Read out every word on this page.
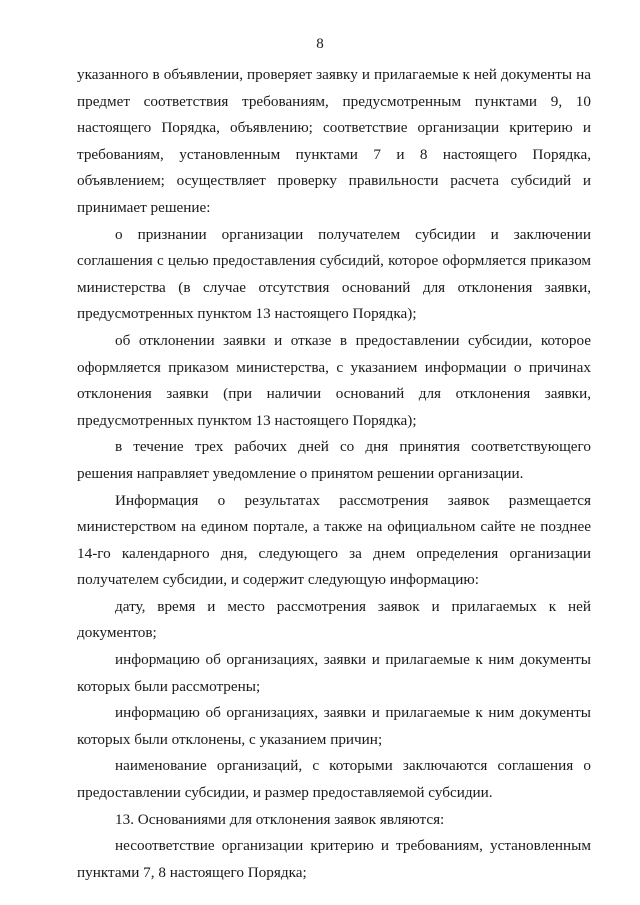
8

указанного в объявлении, проверяет заявку и прилагаемые к ней документы на предмет соответствия требованиям, предусмотренным пунктами 9, 10 настоящего Порядка, объявлению; соответствие организации критерию и требованиям, установленным пунктами 7 и 8 настоящего Порядка, объявлением; осуществляет проверку правильности расчета субсидий и принимает решение:

о признании организации получателем субсидии и заключении соглашения с целью предоставления субсидий, которое оформляется приказом министерства (в случае отсутствия оснований для отклонения заявки, предусмотренных пунктом 13 настоящего Порядка);

об отклонении заявки и отказе в предоставлении субсидии, которое оформляется приказом министерства, с указанием информации о причинах отклонения заявки (при наличии оснований для отклонения заявки, предусмотренных пунктом 13 настоящего Порядка);

в течение трех рабочих дней со дня принятия соответствующего решения направляет уведомление о принятом решении организации.

Информация о результатах рассмотрения заявок размещается министерством на едином портале, а также на официальном сайте не позднее 14-го календарного дня, следующего за днем определения организации получателем субсидии, и содержит следующую информацию:

дату, время и место рассмотрения заявок и прилагаемых к ней документов;

информацию об организациях, заявки и прилагаемые к ним документы которых были рассмотрены;

информацию об организациях, заявки и прилагаемые к ним документы которых были отклонены, с указанием причин;

наименование организаций, с которыми заключаются соглашения о предоставлении субсидии, и размер предоставляемой субсидии.

13. Основаниями для отклонения заявок являются:

несоответствие организации критерию и требованиям, установленным пунктами 7, 8 настоящего Порядка;
